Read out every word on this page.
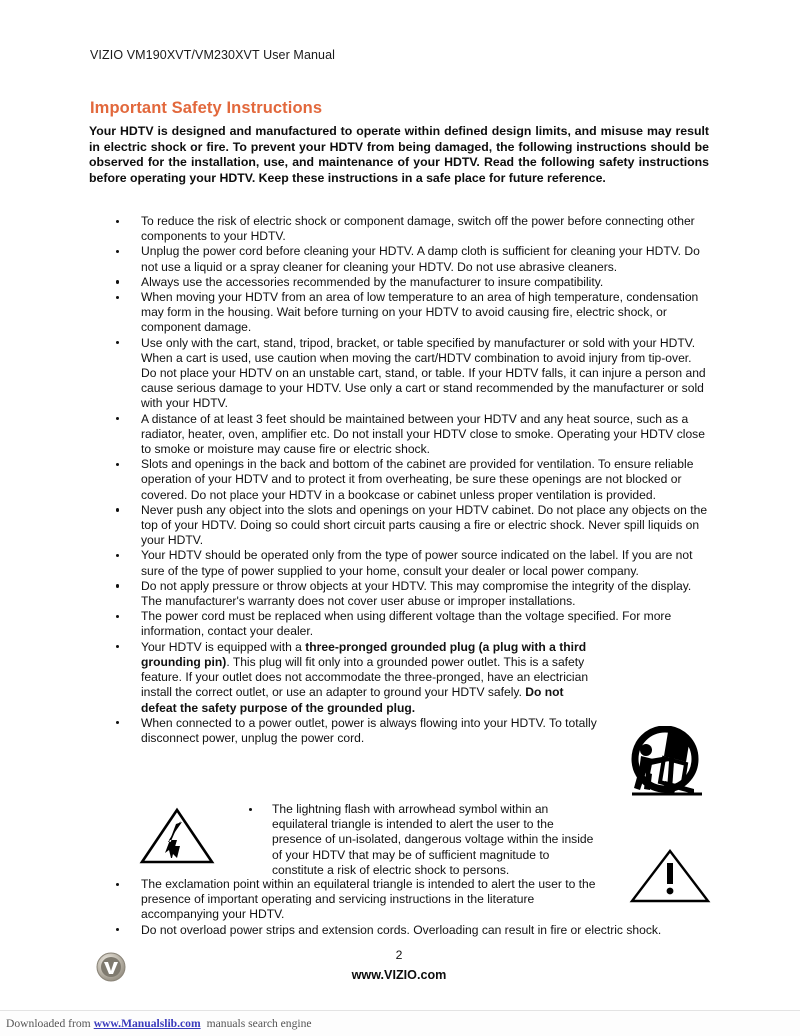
VIZIO VM190XVT/VM230XVT User Manual
Important Safety Instructions

Your HDTV is designed and manufactured to operate within defined design limits, and misuse may result in electric shock or fire. To prevent your HDTV from being damaged, the following instructions should be observed for the installation, use, and maintenance of your HDTV. Read the following safety instructions before operating your HDTV. Keep these instructions in a safe place for future reference.

To reduce the risk of electric shock or component damage, switch off the power before connecting other components to your HDTV.
Unplug the power cord before cleaning your HDTV. A damp cloth is sufficient for cleaning your HDTV. Do not use a liquid or a spray cleaner for cleaning your HDTV. Do not use abrasive cleaners.
Always use the accessories recommended by the manufacturer to insure compatibility.
When moving your HDTV from an area of low temperature to an area of high temperature, condensation may form in the housing. Wait before turning on your HDTV to avoid causing fire, electric shock, or component damage.
Use only with the cart, stand, tripod, bracket, or table specified by manufacturer or sold with your HDTV. When a cart is used, use caution when moving the cart/HDTV combination to avoid injury from tip-over. Do not place your HDTV on an unstable cart, stand, or table. If your HDTV falls, it can injure a person and cause serious damage to your HDTV. Use only a cart or stand recommended by the manufacturer or sold with your HDTV.
A distance of at least 3 feet should be maintained between your HDTV and any heat source, such as a radiator, heater, oven, amplifier etc. Do not install your HDTV close to smoke. Operating your HDTV close to smoke or moisture may cause fire or electric shock.
Slots and openings in the back and bottom of the cabinet are provided for ventilation. To ensure reliable operation of your HDTV and to protect it from overheating, be sure these openings are not blocked or covered. Do not place your HDTV in a bookcase or cabinet unless proper ventilation is provided.
Never push any object into the slots and openings on your HDTV cabinet. Do not place any objects on the top of your HDTV. Doing so could short circuit parts causing a fire or electric shock. Never spill liquids on your HDTV.
Your HDTV should be operated only from the type of power source indicated on the label. If you are not sure of the type of power supplied to your home, consult your dealer or local power company.
Do not apply pressure or throw objects at your HDTV. This may compromise the integrity of the display. The manufacturer's warranty does not cover user abuse or improper installations.
The power cord must be replaced when using different voltage than the voltage specified. For more information, contact your dealer.
Your HDTV is equipped with a three-pronged grounded plug (a plug with a third grounding pin). This plug will fit only into a grounded power outlet. This is a safety feature. If your outlet does not accommodate the three-pronged, have an electrician install the correct outlet, or use an adapter to ground your HDTV safely. Do not defeat the safety purpose of the grounded plug.
When connected to a power outlet, power is always flowing into your HDTV. To totally disconnect power, unplug the power cord.
The lightning flash with arrowhead symbol within an equilateral triangle is intended to alert the user to the presence of un-isolated, dangerous voltage within the inside of your HDTV that may be of sufficient magnitude to constitute a risk of electric shock to persons.
2
www.VIZIO.com
The exclamation point within an equilateral triangle is intended to alert the user to the presence of important operating and servicing instructions in the literature accompanying your HDTV.
Do not overload power strips and extension cords. Overloading can result in fire or electric shock.
Downloaded from www.Manualslib.com manuals search engine
